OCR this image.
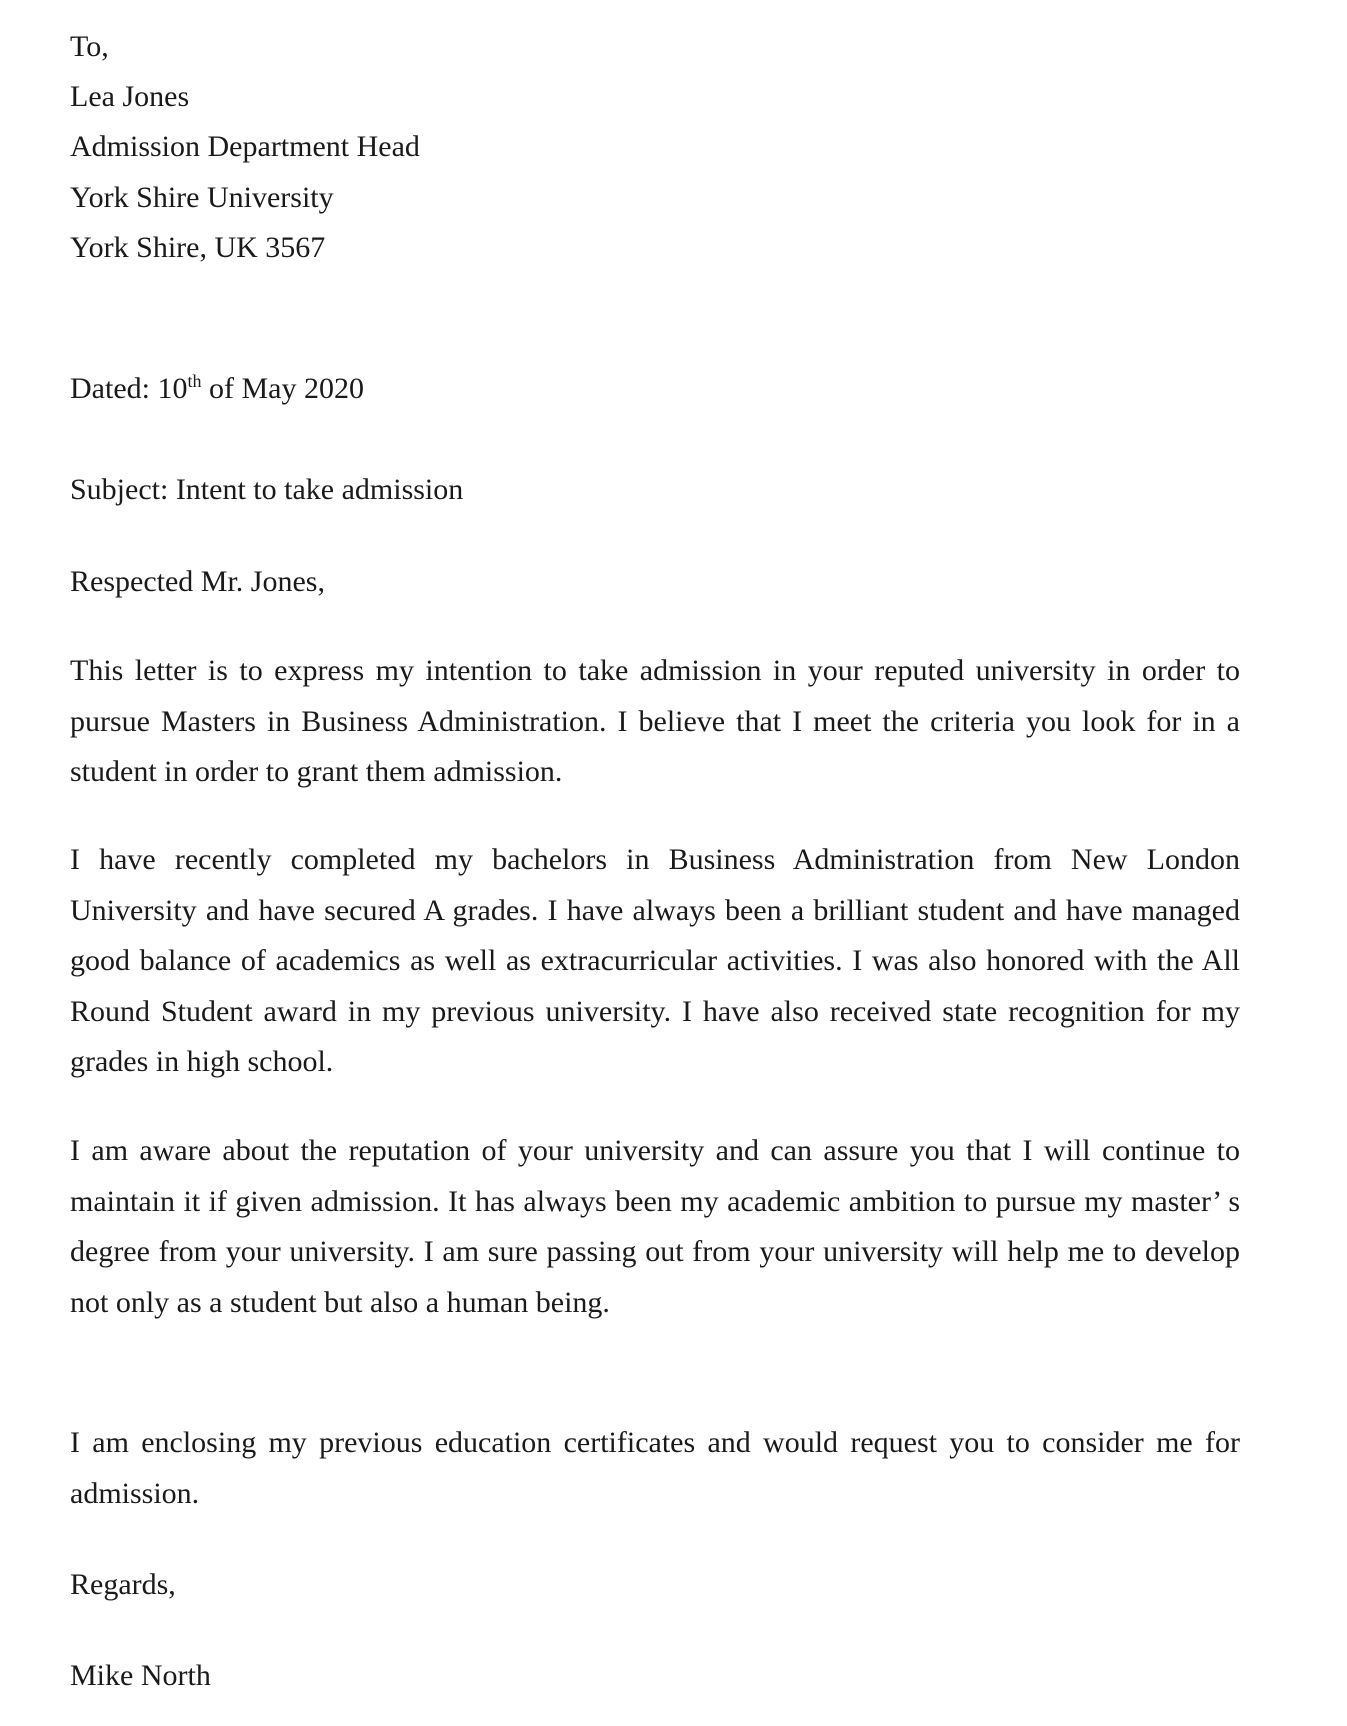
To,
Lea Jones
Admission Department Head
York Shire University
York Shire, UK 3567
Dated: 10th of May 2020
Subject: Intent to take admission
Respected Mr. Jones,

This letter is to express my intention to take admission in your reputed university in order to pursue Masters in Business Administration. I believe that I meet the criteria you look for in a student in order to grant them admission.

I have recently completed my bachelors in Business Administration from New London University and have secured A grades. I have always been a brilliant student and have managed good balance of academics as well as extracurricular activities. I was also honored with the All Round Student award in my previous university. I have also received state recognition for my grades in high school.

I am aware about the reputation of your university and can assure you that I will continue to maintain it if given admission. It has always been my academic ambition to pursue my master’ s degree from your university. I am sure passing out from your university will help me to develop not only as a student but also a human being.

I am enclosing my previous education certificates and would request you to consider me for admission.

Regards,
Mike North
